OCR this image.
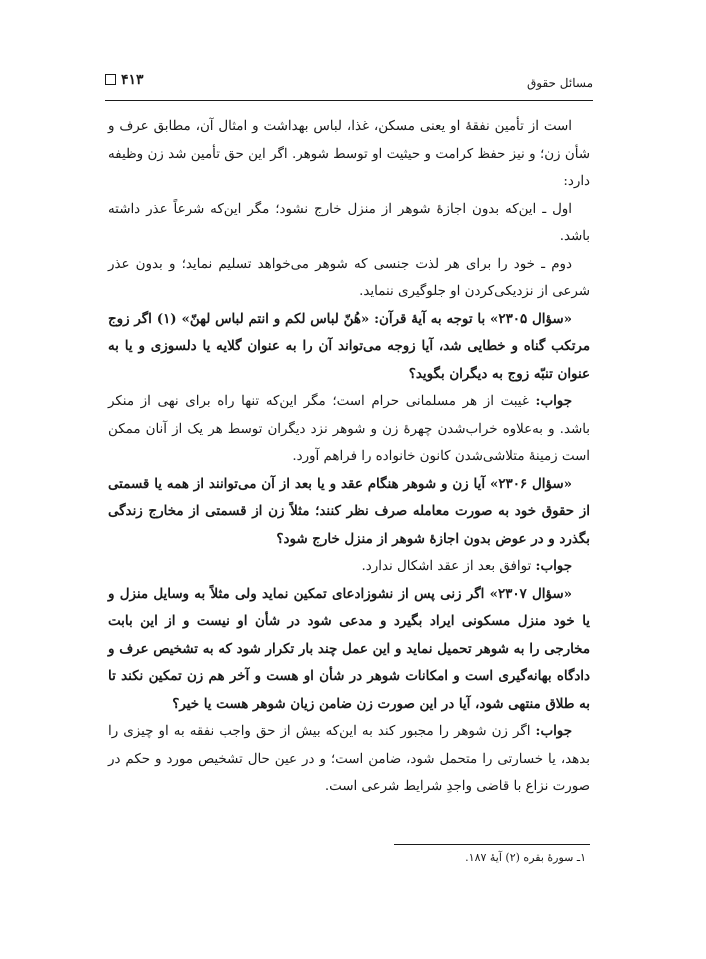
مسائل حقوق
۴۱۳

است از تأمین نفقهٔ او یعنی مسکن، غذا، لباس بهداشت و امثال آن، مطابق عرف و شأن زن؛ و نیز حفظ کرامت و حیثیت او توسط شوهر. اگر این حق تأمین شد زن وظیفه دارد:

اول ـ این‌که بدون اجازهٔ شوهر از منزل خارج نشود؛ مگر این‌که شرعاً عذر داشته باشد.

دوم ـ خود را برای هر لذت جنسی که شوهر می‌خواهد تسلیم نماید؛ و بدون عذر شرعی از نزدیکی‌کردن او جلوگیری ننماید.

«سؤال ۲۳۰۵» با توجه به آیهٔ قرآن: «هُنّ لباس لکم و انتم لباس لهنّ» (۱) اگر زوج مرتکب گناه و خطایی شد، آیا زوجه می‌تواند آن را به عنوان گلایه یا دلسوزی و یا به عنوان تنبّه زوج به دیگران بگوید؟

جواب: غیبت از هر مسلمانی حرام است؛ مگر این‌که تنها راه برای نهی از منکر باشد. و به‌علاوه خراب‌شدن چهرهٔ زن و شوهر نزد دیگران توسط هر یک از آنان ممکن است زمینهٔ متلاشی‌شدن کانون خانواده را فراهم آورد.

«سؤال ۲۳۰۶» آیا زن و شوهر هنگام عقد و یا بعد از آن می‌توانند از همه یا قسمتی از حقوق خود به صورت معامله صرف نظر کنند؛ مثلاً زن از قسمتی از مخارج زندگی بگذرد و در عوض بدون اجازهٔ شوهر از منزل خارج شود؟

جواب: توافق بعد از عقد اشکال ندارد.

«سؤال ۲۳۰۷» اگر زنی پس از نشوزادعای تمکین نماید ولی مثلاً به وسایل منزل و یا خود منزل مسکونی ایراد بگیرد و مدعی شود در شأن او نیست و از این بابت مخارجی را به شوهر تحمیل نماید و این عمل چند بار تکرار شود که به تشخیص عرف و دادگاه بهانه‌گیری است و امکانات شوهر در شأن او هست و آخر هم زن تمکین نکند تا به طلاق منتهی شود، آیا در این صورت زن ضامن زیان شوهر هست یا خیر؟

جواب: اگر زن شوهر را مجبور کند به این‌که بیش از حق واجب نفقه به او چیزی را بدهد، یا خسارتی را متحمل شود، ضامن است؛ و در عین حال تشخیص مورد و حکم در صورت نزاع با قاضی واجدِ شرایط شرعی است.

۱ـ سورهٔ بقره (۲) آیهٔ ۱۸۷.
